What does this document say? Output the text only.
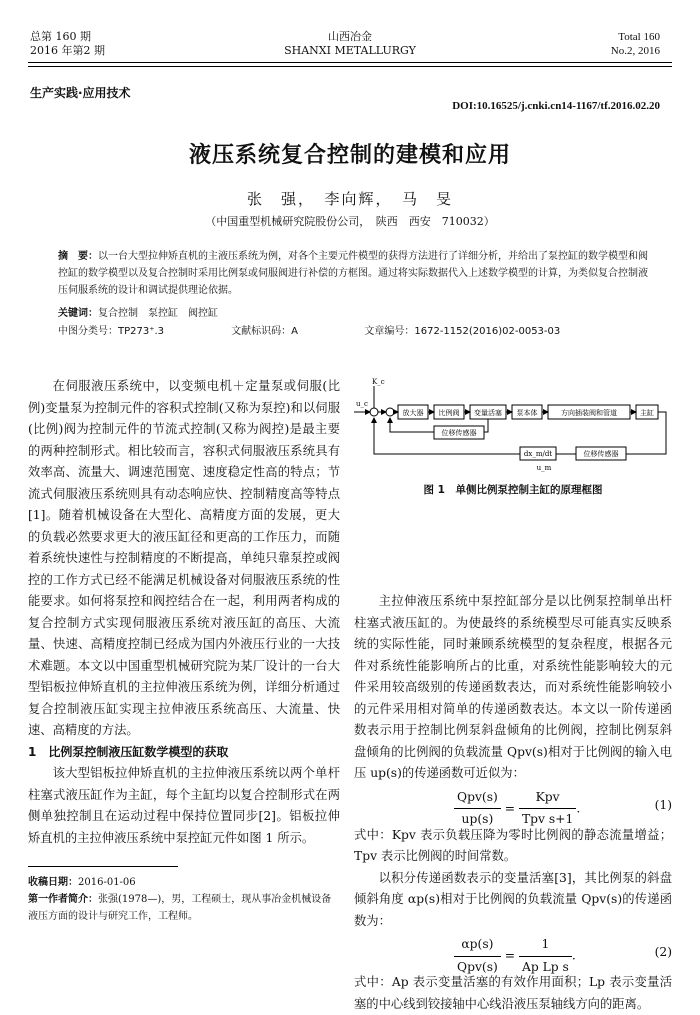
总第 160 期
2016 年第2 期
山西冶金
SHANXI METALLURGY
Total 160
No.2, 2016
生产实践·应用技术
DOI:10.16525/j.cnki.cn14-1167/tf.2016.02.20
液压系统复合控制的建模和应用
张　强，　李向辉，　马　旻
（中国重型机械研究院股份公司，　陕西　西安　710032）
摘　要：以一台大型拉伸矫直机的主液压系统为例，对各个主要元件模型的获得方法进行了详细分析，并给出了泵控缸的数学模型和阀控缸的数学模型以及复合控制时采用比例泵或伺服阀进行补偿的方框图。通过将实际数据代入上述数学模型的计算，为类似复合控制液压伺服系统的设计和调试提供理论依据。
关键词：复合控制　泵控缸　阀控缸
中图分类号：TP273⁺.3	文献标识码：A	文章编号：1672-1152(2016)02-0053-03

在伺服液压系统中，以变频电机＋定量泵或伺服(比例)变量泵为控制元件的容积式控制(又称为泵控)和以伺服(比例)阀为控制元件的节流式控制(又称为阀控)是最主要的两种控制形式。相比较而言，容积式伺服液压系统具有效率高、流量大、调速范围宽、速度稳定性高的特点；节流式伺服液压系统则具有动态响应快、控制精度高等特点[1]。随着机械设备在大型化、高精度方面的发展，更大的负载必然要求更大的液压缸径和更高的工作压力，而随着系统快速性与控制精度的不断提高，单纯只靠泵控或阀控的工作方式已经不能满足机械设备对伺服液压系统的性能要求。如何将泵控和阀控结合在一起，利用两者构成的复合控制方式实现伺服液压系统对液压缸的高压、大流量、快速、高精度控制已经成为国内外液压行业的一大技术难题。本文以中国重型机械研究院为某厂设计的一台大型铝板拉伸矫直机的主拉伸液压系统为例，详细分析通过复合控制液压缸实现主拉伸液压系统高压、大流量、快速、高精度的方法。

1　比例泵控制液压缸数学模型的获取

该大型铝板拉伸矫直机的主拉伸液压系统以两个单杆柱塞式液压缸作为主缸，每个主缸均以复合控制形式在两侧单独控制且在运动过程中保持位置同步[2]。铝板拉伸矫直机的主拉伸液压系统中泵控缸元件如图 1 所示。

收稿日期：2016-01-06
第一作者简介：张强(1978—)，男，工程硕士，现从事冶金机械设备液压方面的设计与研究工作，工程师。
u_c
K_c
放大器 比例阀 变量活塞 泵本体	方向插装阀和管道	主缸
位移传感器
dx_m/dt	位移传感器
u_m
图 1　单侧比例泵控制主缸的原理框图

主拉伸液压系统中泵控缸部分是以比例泵控制单出杆柱塞式液压缸的。为使最终的系统模型尽可能真实反映系统的实际性能，同时兼顾系统模型的复杂程度，根据各元件对系统性能影响所占的比重，对系统性能影响较大的元件采用较高级别的传递函数表达，而对系统性能影响较小的元件采用相对简单的传递函数表达。本文以一阶传递函数表示用于控制比例泵斜盘倾角的比例阀，控制比例泵斜盘倾角的比例阀的负载流量 Qpv(s)相对于比例阀的输入电压 up(s)的传递函数可近似为：

$\frac{\text{Qpv(s)}}{up(s)} = \frac{\text{Kpv}}{\text{Tpv s+1}}$ .	(1)

式中：Kpv 表示负载压降为零时比例阀的静态流量增益；Tpv 表示比例阀的时间常数。

以积分传递函数表示的变量活塞[3]，其比例泵的斜盘倾斜角度 αp(s)相对于比例阀的负载流量 Qpv(s)的传递函数为：

$\frac{\alpha p(s)}{\text{Qpv(s)}} = \frac{1}{\text{Ap Lp s}}$ .	(2)

式中：Ap 表示变量活塞的有效作用面积；Lp 表示变量活塞的中心线到铰接轴中心线沿液压泵轴线方向的距离。
